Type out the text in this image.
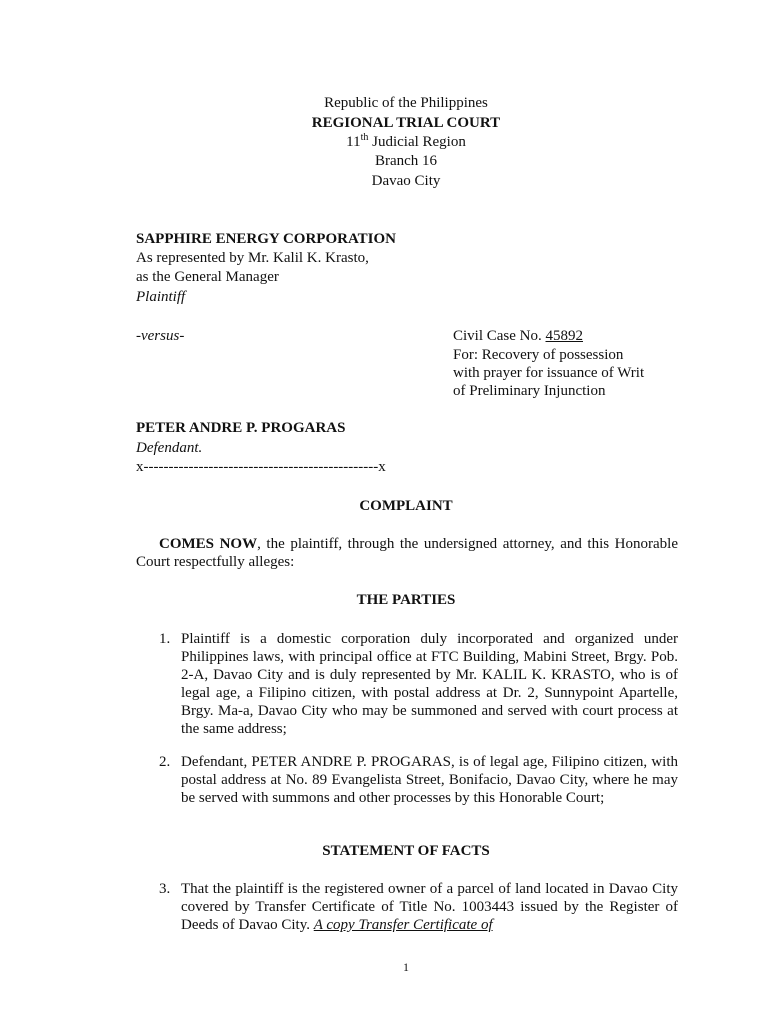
Republic of the Philippines
REGIONAL TRIAL COURT
11th Judicial Region
Branch 16
Davao City
SAPPHIRE ENERGY CORPORATION
As represented by Mr. Kalil K. Krasto,
as the General Manager
Plaintiff
-versus-	Civil Case No. 45892
For: Recovery of possession
with prayer for issuance of Writ
of Preliminary Injunction
PETER ANDRE P. PROGARAS
Defendant.
x-----------------------------------------------x
COMPLAINT
COMES NOW, the plaintiff, through the undersigned attorney, and this Honorable Court respectfully alleges:
THE PARTIES
1. Plaintiff is a domestic corporation duly incorporated and organized under Philippines laws, with principal office at FTC Building, Mabini Street, Brgy. Pob. 2-A, Davao City and is duly represented by Mr. KALIL K. KRASTO, who is of legal age, a Filipino citizen, with postal address at Dr. 2, Sunnypoint Apartelle, Brgy. Ma-a, Davao City who may be summoned and served with court process at the same address;
2. Defendant, PETER ANDRE P. PROGARAS, is of legal age, Filipino citizen, with postal address at No. 89 Evangelista Street, Bonifacio, Davao City, where he may be served with summons and other processes by this Honorable Court;
STATEMENT OF FACTS
3. That the plaintiff is the registered owner of a parcel of land located in Davao City covered by Transfer Certificate of Title No. 1003443 issued by the Register of Deeds of Davao City. A copy Transfer Certificate of
1
